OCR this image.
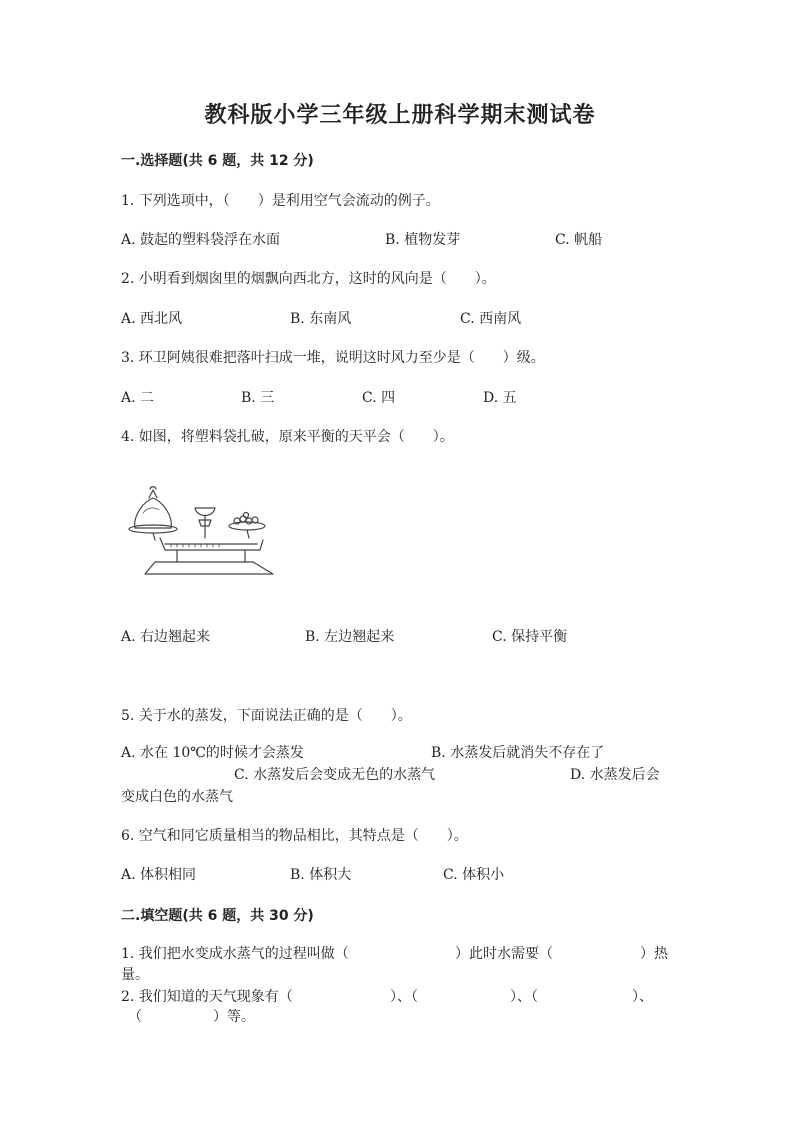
教科版小学三年级上册科学期末测试卷
一.选择题(共 6 题，共 12 分)
1. 下列选项中，（　　）是利用空气会流动的例子。
A. 鼓起的塑料袋浮在水面	B. 植物发芽	C. 帆船
2. 小明看到烟囱里的烟飘向西北方，这时的风向是（　　）。
A. 西北风	B. 东南风	C. 西南风
3. 环卫阿姨很难把落叶扫成一堆，说明这时风力至少是（　　）级。
A. 二	B. 三	C. 四	D. 五
4. 如图，将塑料袋扎破，原来平衡的天平会（　　）。
A. 右边翘起来	B. 左边翘起来	C. 保持平衡
5. 关于水的蒸发，下面说法正确的是（　　）。
A. 水在 10℃的时候才会蒸发	B. 水蒸发后就消失不存在了
C. 水蒸发后会变成无色的水蒸气	D. 水蒸发后会
变成白色的水蒸气
6. 空气和同它质量相当的物品相比，其特点是（　　）。
A. 体积相同	B. 体积大	C. 体积小
二.填空题(共 6 题，共 30 分)
1. 我们把水变成水蒸气的过程叫做（	）此时水需要（	）热
量。
2. 我们知道的天气现象有（	）、（	）、（	）、
（	）等。
